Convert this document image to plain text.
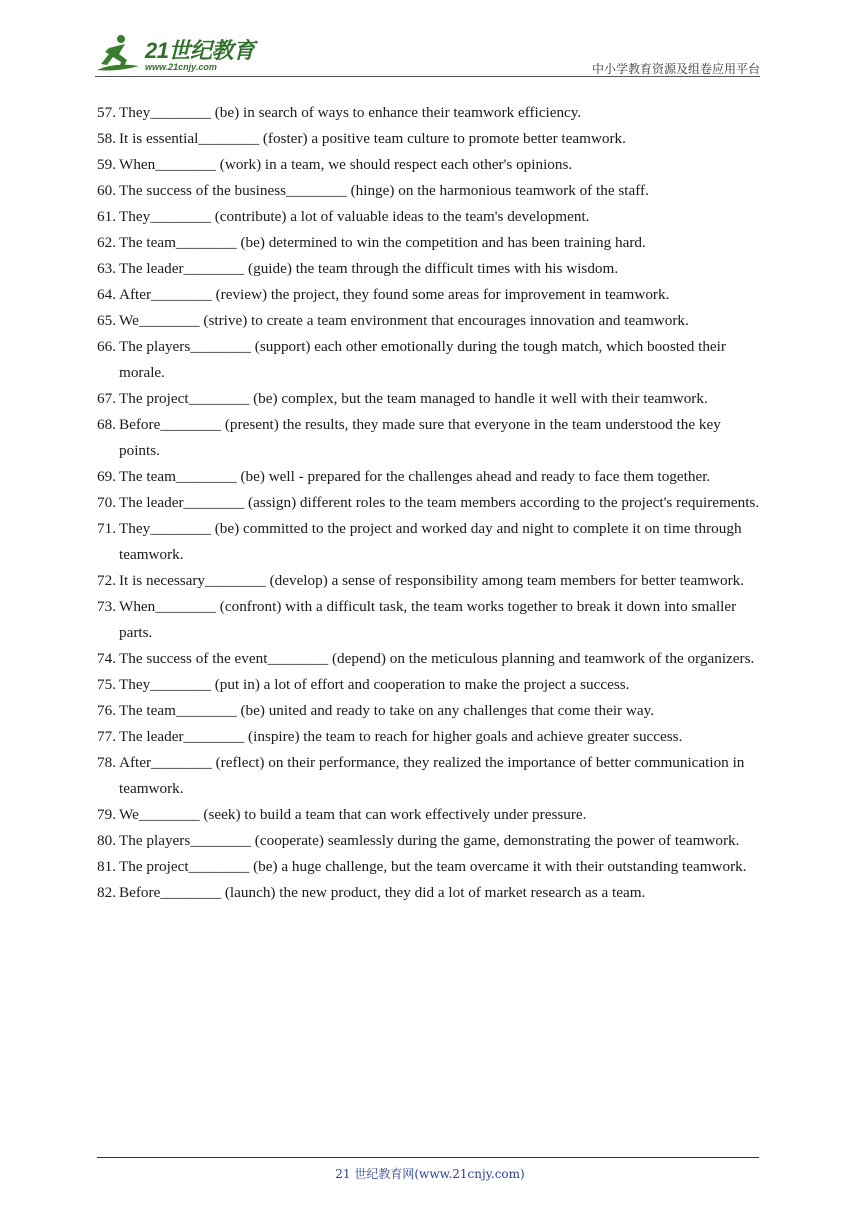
21世纪教育
www.21cnjy.com	中小学教育资源及组卷应用平台
57. They________ (be) in search of ways to enhance their teamwork efficiency.
58. It is essential________ (foster) a positive team culture to promote better teamwork.
59. When________ (work) in a team, we should respect each other's opinions.
60. The success of the business________ (hinge) on the harmonious teamwork of the staff.
61. They________ (contribute) a lot of valuable ideas to the team's development.
62. The team________ (be) determined to win the competition and has been training hard.
63. The leader________ (guide) the team through the difficult times with his wisdom.
64. After________ (review) the project, they found some areas for improvement in teamwork.
65. We________ (strive) to create a team environment that encourages innovation and teamwork.
66. The players________ (support) each other emotionally during the tough match, which boosted their morale.
67. The project________ (be) complex, but the team managed to handle it well with their teamwork.
68. Before________ (present) the results, they made sure that everyone in the team understood the key points.
69. The team________ (be) well - prepared for the challenges ahead and ready to face them together.
70. The leader________ (assign) different roles to the team members according to the project's requirements.
71. They________ (be) committed to the project and worked day and night to complete it on time through teamwork.
72. It is necessary________ (develop) a sense of responsibility among team members for better teamwork.
73. When________ (confront) with a difficult task, the team works together to break it down into smaller parts.
74. The success of the event________ (depend) on the meticulous planning and teamwork of the organizers.
75. They________ (put in) a lot of effort and cooperation to make the project a success.
76. The team________ (be) united and ready to take on any challenges that come their way.
77. The leader________ (inspire) the team to reach for higher goals and achieve greater success.
78. After________ (reflect) on their performance, they realized the importance of better communication in teamwork.
79. We________ (seek) to build a team that can work effectively under pressure.
80. The players________ (cooperate) seamlessly during the game, demonstrating the power of teamwork.
81. The project________ (be) a huge challenge, but the team overcame it with their outstanding teamwork.
82. Before________ (launch) the new product, they did a lot of market research as a team.
21 世纪教育网(www.21cnjy.com)
